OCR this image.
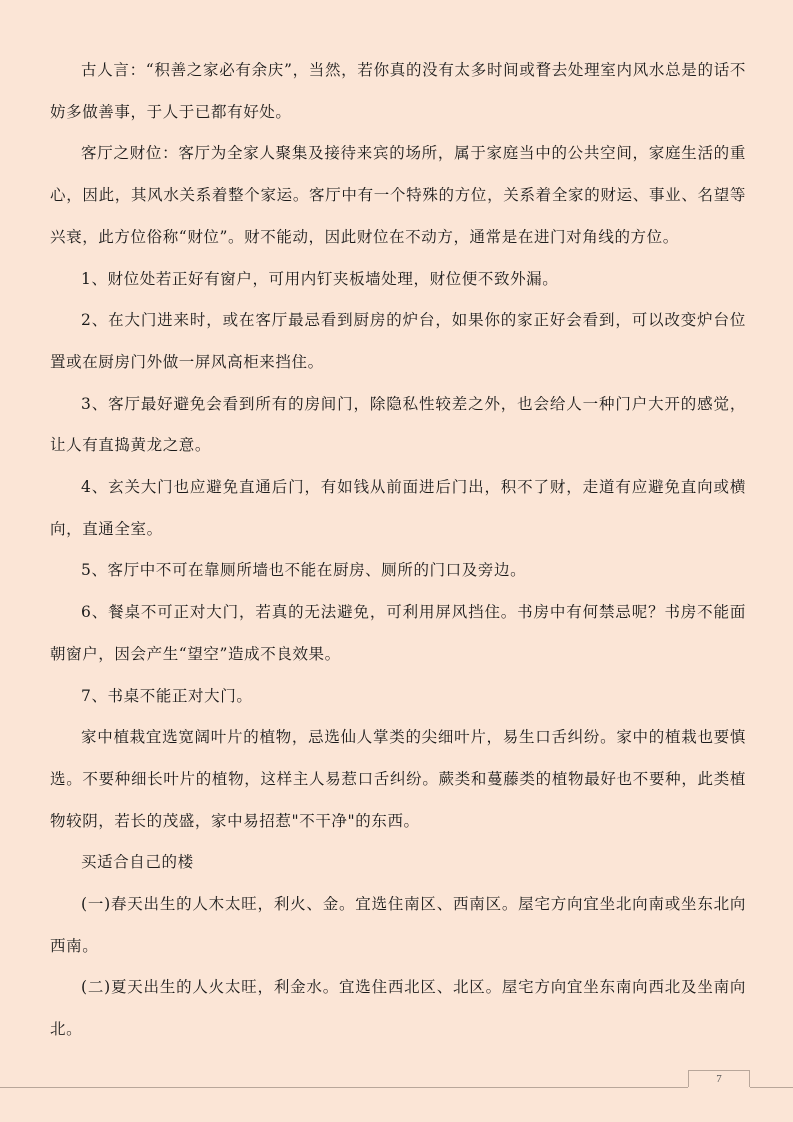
古人言：“积善之家必有余庆”，当然，若你真的没有太多时间或瞀去处理室内风水总是的话不妨多做善事，于人于已都有好处。

客厅之财位：客厅为全家人聚集及接待来宾的场所，属于家庭当中的公共空间，家庭生活的重心，因此，其风水关系着整个家运。客厅中有一个特殊的方位，关系着全家的财运、事业、名望等兴衰，此方位俗称“财位”。财不能动，因此财位在不动方，通常是在进门对角线的方位。

1、财位处若正好有窗户，可用内钉夹板墙处理，财位便不致外漏。

2、在大门进来时，或在客厅最忌看到厨房的炉台，如果你的家正好会看到，可以改变炉台位置或在厨房门外做一屏风高柜来挡住。

3、客厅最好避免会看到所有的房间门，除隐私性较差之外，也会给人一种门户大开的感觉，让人有直捣黄龙之意。

4、玄关大门也应避免直通后门，有如钱从前面进后门出，积不了财，走道有应避免直向或横向，直通全室。

5、客厅中不可在靠厕所墙也不能在厨房、厕所的门口及旁边。

6、餐桌不可正对大门，若真的无法避免，可利用屏风挡住。书房中有何禁忌呢？书房不能面朝窗户，因会产生“望空”造成不良效果。

7、书桌不能正对大门。

家中植栽宜选宽阔叶片的植物，忌选仙人掌类的尖细叶片，易生口舌纠纷。家中的植栽也要慎选。不要种细长叶片的植物，这样主人易惹口舌纠纷。蕨类和蔓藤类的植物最好也不要种，此类植物较阴，若长的茂盛，家中易招惹"不干净"的东西。

买适合自己的楼

(一)春天出生的人木太旺，利火、金。宜选住南区、西南区。屋宅方向宜坐北向南或坐东北向西南。

(二)夏天出生的人火太旺，利金水。宜选住西北区、北区。屋宅方向宜坐东南向西北及坐南向北。

7
